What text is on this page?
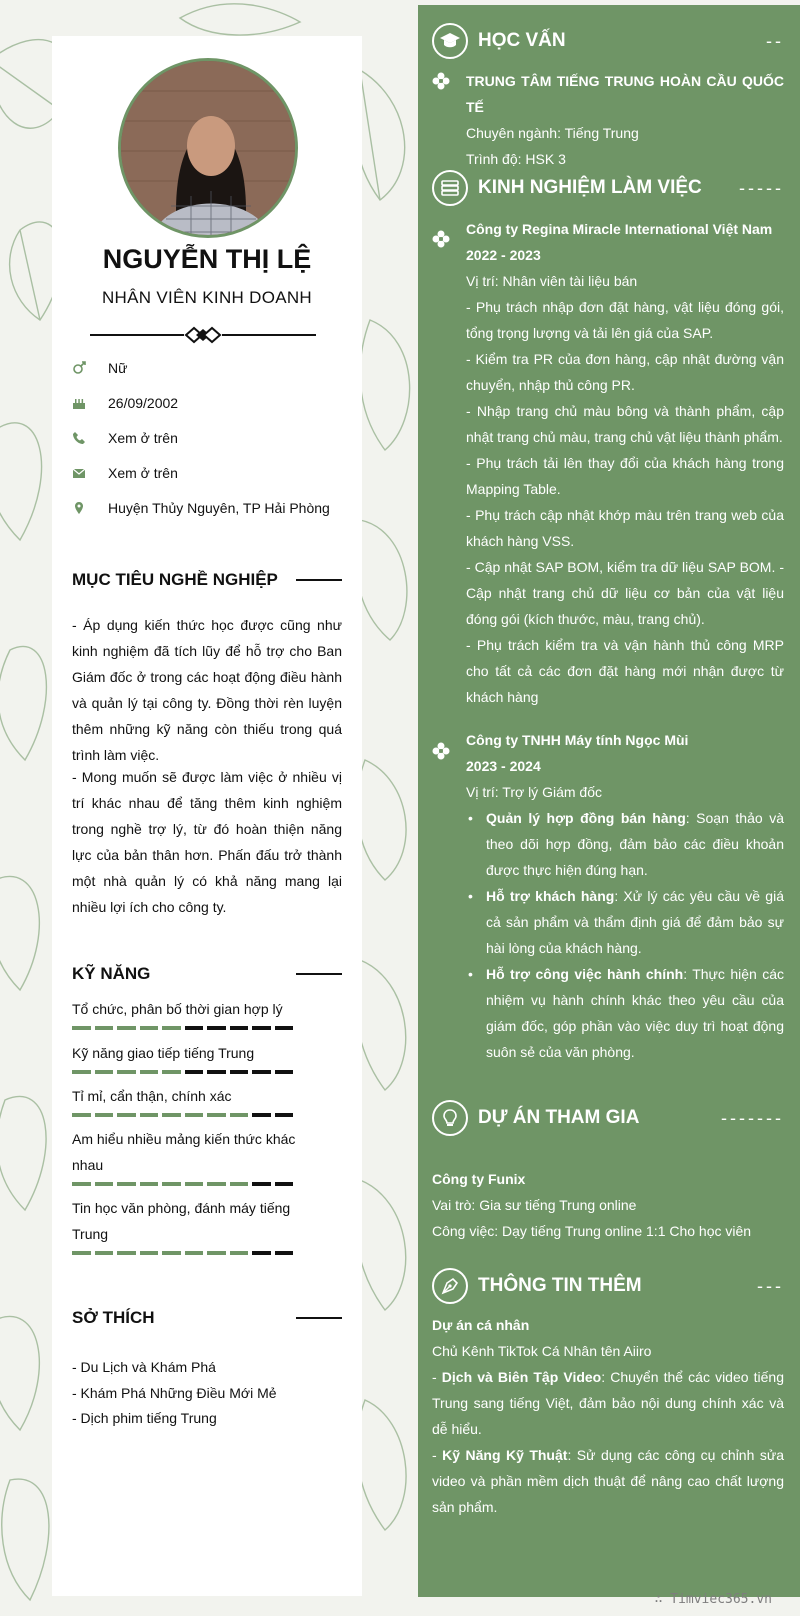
NGUYỄN THỊ LỆ
NHÂN VIÊN KINH DOANH
Nữ
26/09/2002
Xem ở trên
Xem ở trên
Huyện Thủy Nguyên, TP Hải Phòng
MỤC TIÊU NGHỀ NGHIỆP
- Áp dụng kiến thức học được cũng như kinh nghiệm đã tích lũy để hỗ trợ cho Ban Giám đốc ở trong các hoạt động điều hành và quản lý tại công ty. Đồng thời rèn luyện thêm những kỹ năng còn thiếu trong quá trình làm việc.
- Mong muốn sẽ được làm việc ở nhiều vị trí khác nhau để tăng thêm kinh nghiệm trong nghề trợ lý, từ đó hoàn thiện năng lực của bản thân hơn. Phấn đấu trở thành một nhà quản lý có khả năng mang lại nhiều lợi ích cho công ty.
KỸ NĂNG
Tổ chức, phân bố thời gian hợp lý
Kỹ năng giao tiếp tiếng Trung
Tỉ mỉ, cẩn thận, chính xác
Am hiểu nhiều mảng kiến thức khác nhau
Tin học văn phòng, đánh máy tiếng Trung
SỞ THÍCH
- Du Lịch và Khám Phá
- Khám Phá Những Điều Mới Mẻ
- Dịch phim tiếng Trung
HỌC VẤN	--
TRUNG TÂM TIẾNG TRUNG HOÀN CẦU QUỐC TẾ
Chuyên ngành: Tiếng Trung
Trình độ: HSK 3
KINH NGHIỆM LÀM VIỆC -----
Công ty Regina Miracle International Việt Nam
2022 - 2023
Vị trí: Nhân viên tài liệu bán
- Phụ trách nhập đơn đặt hàng, vật liệu đóng gói, tổng trọng lượng và tải lên giá của SAP.
- Kiểm tra PR của đơn hàng, cập nhật đường vận chuyển, nhập thủ công PR.
- Nhập trang chủ màu bông và thành phẩm, cập nhật trang chủ màu, trang chủ vật liệu thành phẩm.
- Phụ trách tải lên thay đổi của khách hàng trong Mapping Table.
- Phụ trách cập nhật khớp màu trên trang web của khách hàng VSS.
- Cập nhật SAP BOM, kiểm tra dữ liệu SAP BOM. - Cập nhật trang chủ dữ liệu cơ bản của vật liệu đóng gói (kích thước, màu, trang chủ).
- Phụ trách kiểm tra và vận hành thủ công MRP cho tất cả các đơn đặt hàng mới nhận được từ khách hàng
Công ty TNHH Máy tính Ngọc Mùi
2023 - 2024
Vị trí: Trợ lý Giám đốc
• Quản lý hợp đồng bán hàng: Soạn thảo và theo dõi hợp đồng, đảm bảo các điều khoản được thực hiện đúng hạn.
• Hỗ trợ khách hàng: Xử lý các yêu cầu về giá cả sản phẩm và thẩm định giá để đảm bảo sự hài lòng của khách hàng.
• Hỗ trợ công việc hành chính: Thực hiện các nhiệm vụ hành chính khác theo yêu cầu của giám đốc, góp phần vào việc duy trì hoạt động suôn sẻ của văn phòng.
DỰ ÁN THAM GIA	-------
Công ty Funix
Vai trò: Gia sư tiếng Trung online
Công việc: Dạy tiếng Trung online 1:1 Cho học viên
THÔNG TIN THÊM	---
Dự án cá nhân
Chủ Kênh TikTok Cá Nhân tên Aiiro
- Dịch và Biên Tập Video: Chuyển thể các video tiếng Trung sang tiếng Việt, đảm bảo nội dung chính xác và dễ hiểu.
- Kỹ Năng Kỹ Thuật: Sử dụng các công cụ chỉnh sửa video và phần mềm dịch thuật để nâng cao chất lượng sản phẩm.
∴ Timviec365.vn
